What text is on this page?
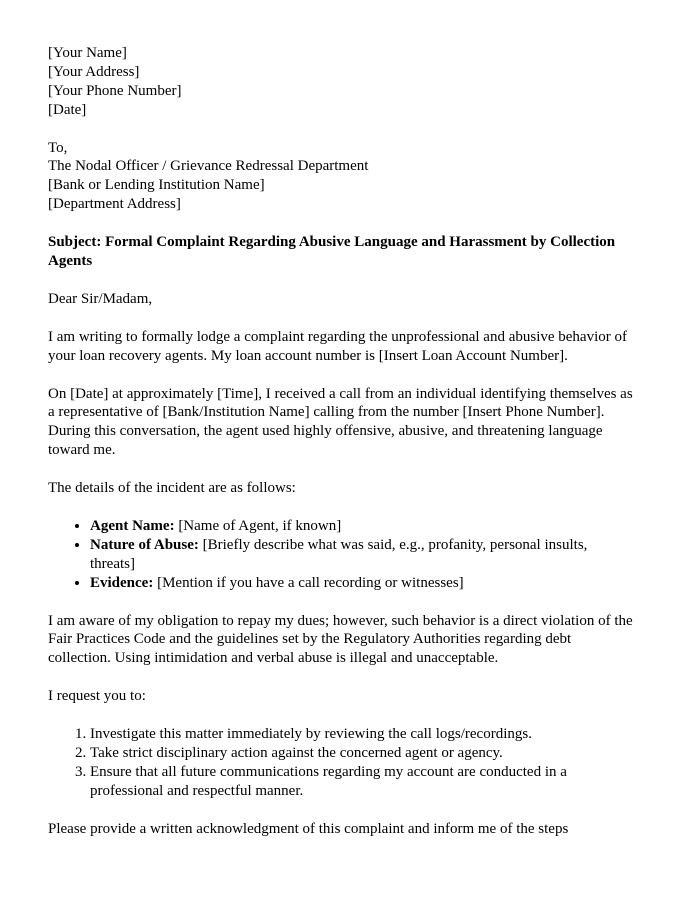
[Your Name]
[Your Address]
[Your Phone Number]
[Date]
To,
The Nodal Officer / Grievance Redressal Department
[Bank or Lending Institution Name]
[Department Address]

Subject: Formal Complaint Regarding Abusive Language and Harassment by Collection Agents

Dear Sir/Madam,

I am writing to formally lodge a complaint regarding the unprofessional and abusive behavior of your loan recovery agents. My loan account number is [Insert Loan Account Number].

On [Date] at approximately [Time], I received a call from an individual identifying themselves as a representative of [Bank/Institution Name] calling from the number [Insert Phone Number]. During this conversation, the agent used highly offensive, abusive, and threatening language toward me.

The details of the incident are as follows:

• Agent Name: [Name of Agent, if known]
• Nature of Abuse: [Briefly describe what was said, e.g., profanity, personal insults, threats]
• Evidence: [Mention if you have a call recording or witnesses]

I am aware of my obligation to repay my dues; however, such behavior is a direct violation of the Fair Practices Code and the guidelines set by the Regulatory Authorities regarding debt collection. Using intimidation and verbal abuse is illegal and unacceptable.

I request you to:

1. Investigate this matter immediately by reviewing the call logs/recordings.
2. Take strict disciplinary action against the concerned agent or agency.
3. Ensure that all future communications regarding my account are conducted in a professional and respectful manner.

Please provide a written acknowledgment of this complaint and inform me of the steps
